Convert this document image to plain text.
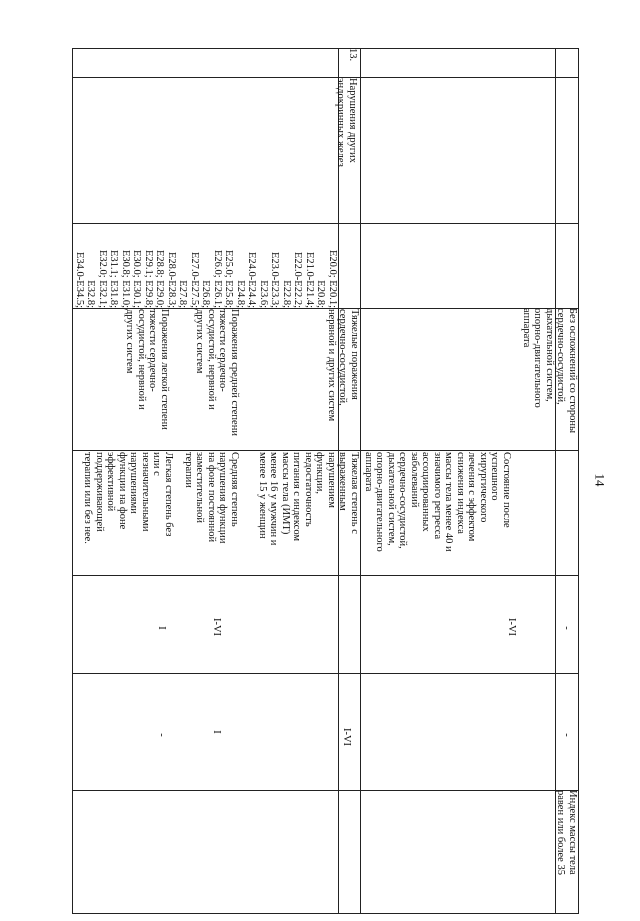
14
13.
Нарушения других
эндокринных желез
Без осложнений со стороны
сердечно-сосудистой,
дыхательной систем,
опорно-двигательного
аппарата
Индекс массы тела
равен или более 35
-
-
Состояние после
успешного
хирургического
лечения с эффектом
снижения индекса
массы тела менее 40 и
значимого регресса
ассоциированных
заболеваний
сердечно-сосудистой,
дыхательной систем,
опорно-двигательного
аппарата
I-VI
I-VI
E20.0; E20.1;
E20.8;
E21.0-E21.4;
E22.0-E22.2;
E22.8;
E23.0-E23.3;
E23.6;
E24.0-E24.4;
E24.8;
E25.0; E25.8;
E26.0; E26.1;
E26.8;
E27.0-E27.5;
E27.8;
E28.0-E28.3;
E28.8; E29.0;
E29.1; E29.8;
E30.0; E30.1;
E30.8; E31.0;
E31.1; E31.8;
E32.0; E32.1;
E32.8;
E34.0-E34.5;
Тяжелые поражения
сердечно-сосудистой,
нервной и других систем
Тяжелая степень с
выраженным
нарушением
функции,
недостаточность
питания с индексом
массы тела (ИМТ)
менее 16 у мужчин и
менее 15 у женщин
Поражения средней степени
тяжести сердечно-
сосудистой, нервной и
других систем
Средняя степень
нарушения функции
на фоне постоянной
заместительной
терапии
I-VI
I
Поражения легкой степени
тяжести сердечно-
сосудистой, нервной и
других систем
Легкая степень без
или с
незначительными
нарушениями
функции на фоне
эффективной
поддерживающей
терапии или без нее.
I
-
